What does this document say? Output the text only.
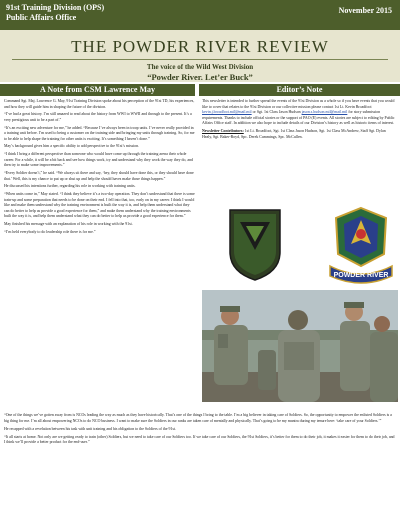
91st Training Division (OPS)
Public Affairs Office
November 2015
THE POWDER RIVER REVIEW
The voice of the Wild West Division
“Powder River. Let’er Buck”
A Note from CSM Lawrence May	Editor’s Note

Command Sgt. Maj. Lawrence G. May, 91st Training Division spoke about his perception of the 91st TD, his experiences, and how they will guide him in shaping the future of the division.

“I’ve had a great history. I’m still amazed to read about the history from WWI to WWII and through to the present. It’s a very prestigious unit to be a part of.”

“It’s an exciting new adventure for me,” he added. “Because I’ve always been in troop units. I’ve never really provided in a training unit before. I’m used to being a customer on the training side and bringing my units through training. So, for me to be able to help shape the training for other units is exciting. It’s something I haven’t done.”

May’s background gives him a specific ability to add perspective to the 91st’s mission.

“I think I bring a different perspective than someone who would have come up through the training arena their whole career. For a while, it will be a bit back and see how things work, try and understand why they work the way they do, and then try to make some improvements.”

“Every Soldier doesn’t,” he said. “We always sit there and say, ‘hey, they should have done this, or they should have done that.’ Well, this is my chance to put up or shut up and help the should haves make those things happen.”

He discussed his intentions further, regarding his role in working with training units.

“When units come in,” May stated. “I think they believe it’s a two-day operation. They don’t understand that there is some train-up and some preparation that needs to be done on their end. I fell into that, too, early on in my career. I think I would like and make them understand why the training environment is built the way it is, and help them understand what they can do better to help us provide a good experience for them,” and make them understand why the training environments built the way it is, and help them understand what they can do better to help us provide a good experience for them.”

May finished his message with an explanation of his role in working with the 91st.

“I’m held everybody to do leadership role there is for me.”

This newsletter is intended to further spread the events of the 91st Division as a whole so if you have events that you would like to cover that relates to the 91st Division or our collective mission please contact 1st Lt. Kevin Broadfoot kevin.j.broadfoot.mil@mail.mil or Sgt. 1st Class Jason Hudson jason.s.hudson.mil@mail.mil for story submission requirements. Thanks to include official stories or the support of PAO (E) events. All stories are subject to editing by Public Affairs Office staff. In addition we also hope to include details of our Division’s history as well as historic items of interest.

Newsletter Contributors: 1st Lt. Broadfoot, Sgt. 1st Class Jason Hudson, Sgt. 1st Class McAndrew, Staff Sgt. Dylan Healy, Sgt. Baker-Boyd, Spc. Derek Cummings, Spc. McCullen.

POWDER RIVER

“One of the things we’ve gotten away from is NCOs leading the way as much as they have historically. That’s one of the things I bring to the table. I’m a big believer in taking care of Soldiers. So, the opportunity to empower the enlisted Soldiers is a big thing for me. I’m all about empowering NCOs to do NCO business. I want to make sure the Soldiers in our ranks are taken care of mentally and physically. That’s going to be my mantra during my tenure here: ‘take care of your Soldiers.’”

He recapped with a revelation between his task with unit training and his obligation to the Soldiers of the 91st.

“It all starts at home. Not only are we getting ready to train (other) Soldiers, but we need to take care of our Soldiers too. If we take care of our Soldiers, the 91st Soldiers, it’s better for them to do their job, it makes it easier for them to do their job, and I think we’ll provide a better product for the end-user.”
